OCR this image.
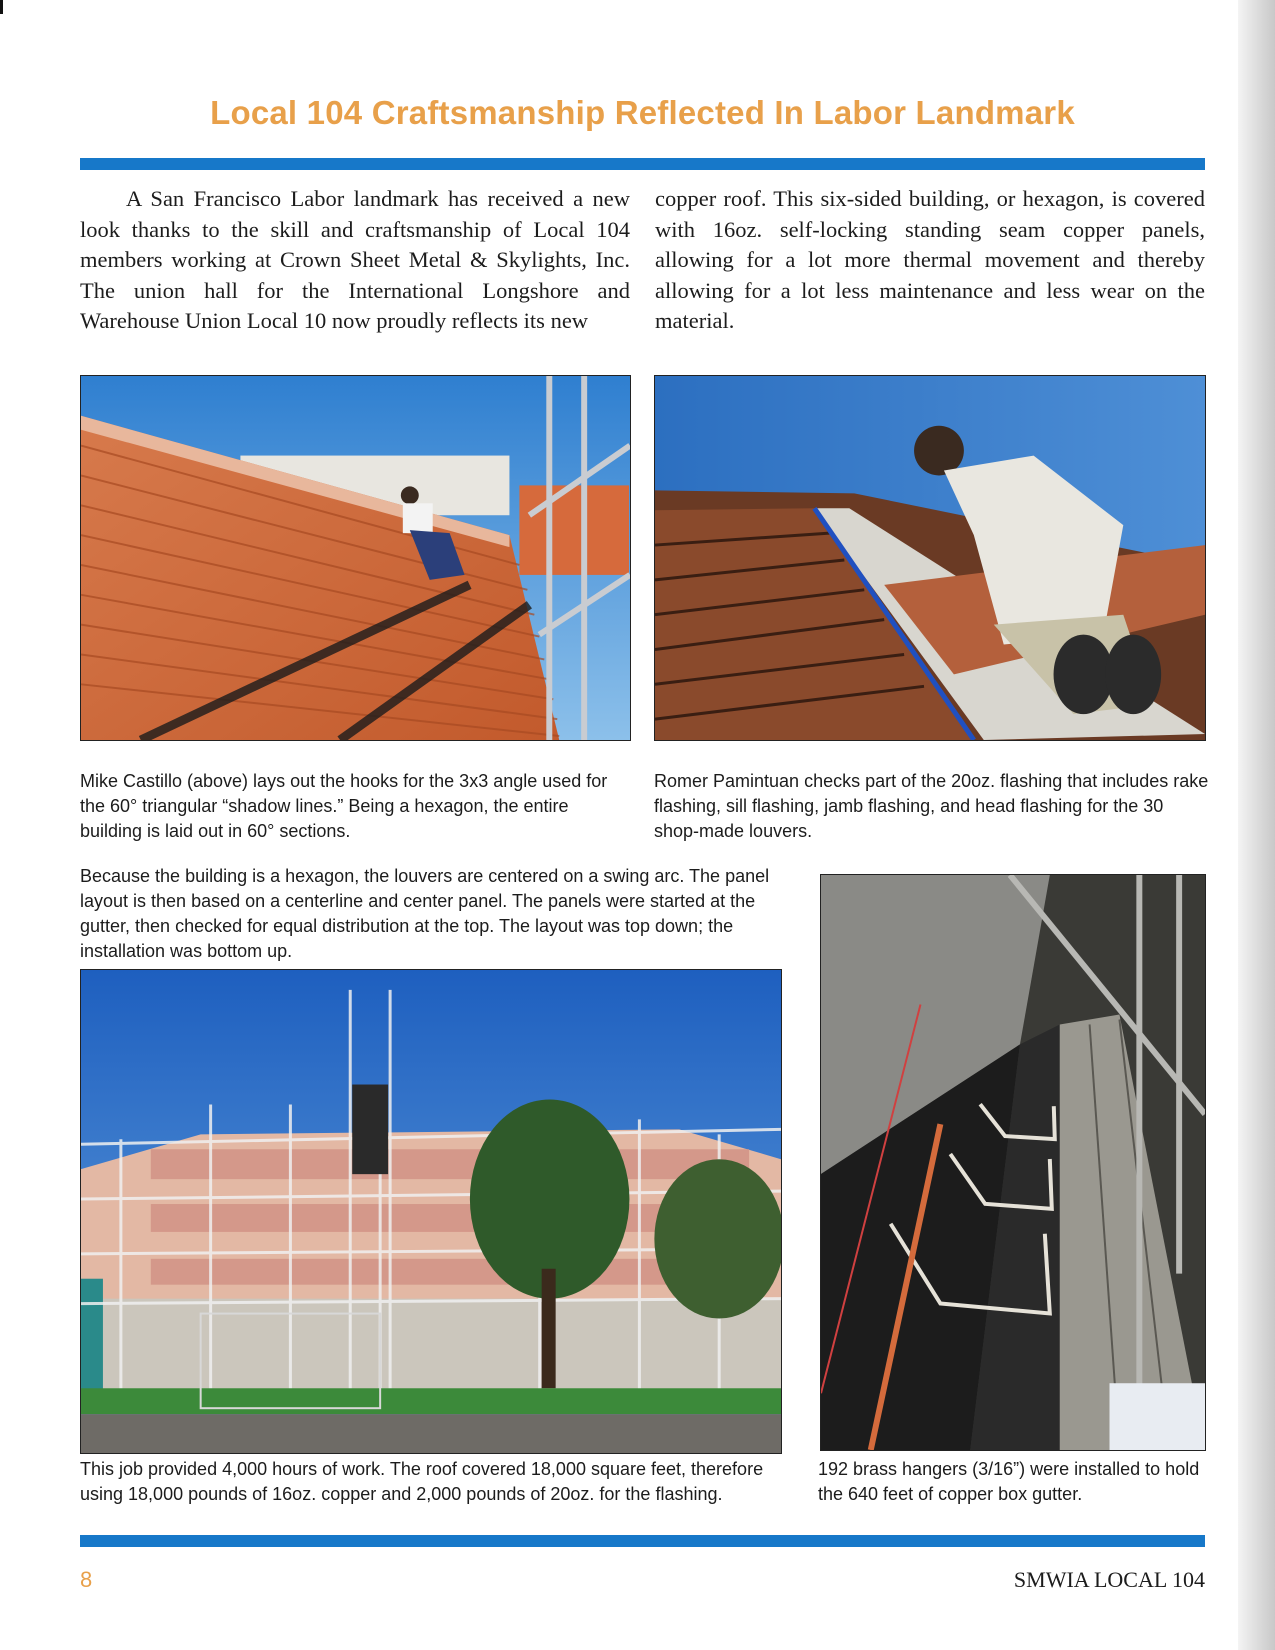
Local 104 Craftsmanship Reflected In Labor Landmark

A San Francisco Labor landmark has received a new look thanks to the skill and craftsmanship of Local 104 members working at Crown Sheet Metal & Skylights, Inc. The union hall for the International Longshore and Warehouse Union Local 10 now proudly reflects its new

copper roof. This six-sided building, or hexagon, is covered with 16oz. self-locking standing seam copper panels, allowing for a lot more thermal movement and thereby allowing for a lot less maintenance and less wear on the material.

Mike Castillo (above) lays out the hooks for the 3x3 angle used for the 60° triangular “shadow lines.” Being a hexagon, the entire building is laid out in 60° sections.

Romer Pamintuan checks part of the 20oz. flashing that includes rake flashing, sill flashing, jamb flashing, and head flashing for the 30 shop-made louvers.

Because the building is a hexagon, the louvers are centered on a swing arc. The panel layout is then based on a centerline and center panel. The panels were started at the gutter, then checked for equal distribution at the top. The layout was top down; the installation was bottom up.

This job provided 4,000 hours of work. The roof covered 18,000 square feet, therefore using 18,000 pounds of 16oz. copper and 2,000 pounds of 20oz. for the flashing.

192 brass hangers (3/16”) were installed to hold the 640 feet of copper box gutter.

8	SMWIA LOCAL 104
